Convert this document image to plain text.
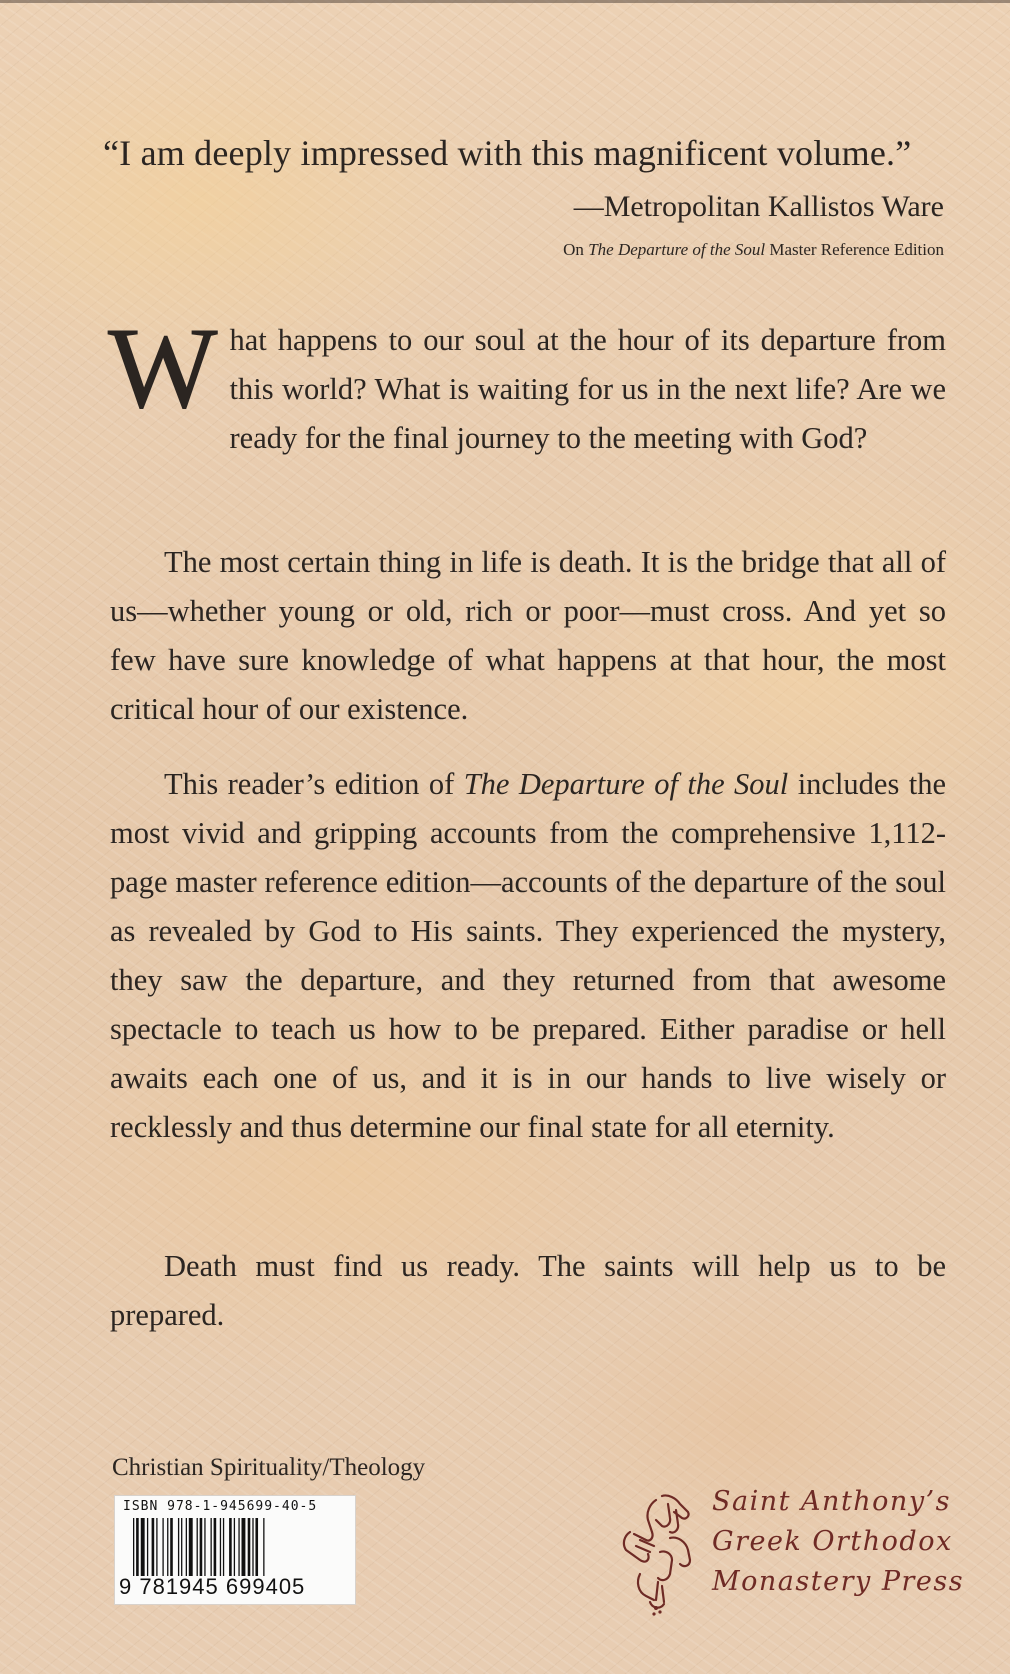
“I am deeply impressed with this magnificent volume.”

—Metropolitan Kallistos Ware

On The Departure of the Soul Master Reference Edition

What happens to our soul at the hour of its departure from this world? What is waiting for us in the next life? Are we ready for the final journey to the meeting with God?

The most certain thing in life is death. It is the bridge that all of us—whether young or old, rich or poor—must cross. And yet so few have sure knowledge of what happens at that hour, the most critical hour of our existence.

This reader’s edition of The Departure of the Soul includes the most vivid and gripping accounts from the comprehensive 1,112-page master reference edition—accounts of the departure of the soul as revealed by God to His saints. They experienced the mystery, they saw the departure, and they returned from that awesome spectacle to teach us how to be prepared. Either paradise or hell awaits each one of us, and it is in our hands to live wisely or recklessly and thus determine our final state for all eternity.

Death must find us ready. The saints will help us to be prepared.

Christian Spirituality/Theology

ISBN 978-1-945699-40-5

9 781945 699405

Saint Anthony’s
Greek Orthodox
Monastery Press
